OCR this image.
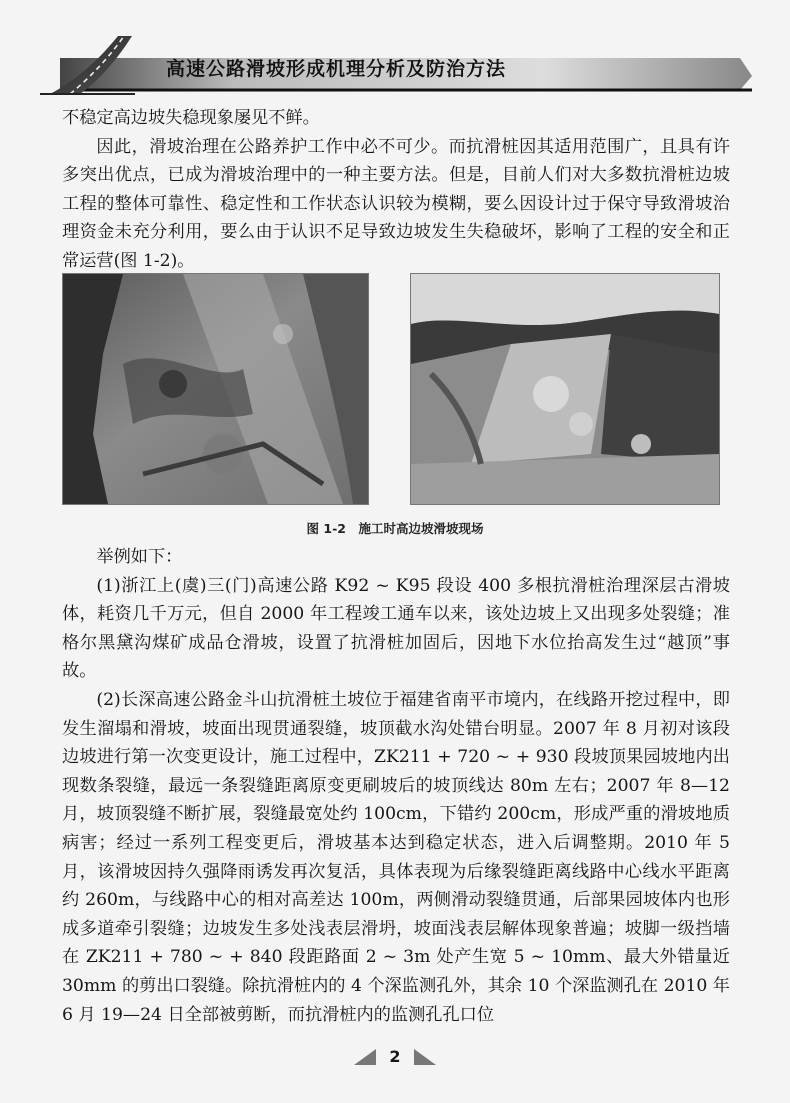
高速公路滑坡形成机理分析及防治方法

不稳定高边坡失稳现象屡见不鲜。

因此，滑坡治理在公路养护工作中必不可少。而抗滑桩因其适用范围广，且具有许多突出优点，已成为滑坡治理中的一种主要方法。但是，目前人们对大多数抗滑桩边坡工程的整体可靠性、稳定性和工作状态认识较为模糊，要么因设计过于保守导致滑坡治理资金未充分利用，要么由于认识不足导致边坡发生失稳破坏，影响了工程的安全和正常运营(图 1-2)。

图 1-2　施工时高边坡滑坡现场

举例如下：

(1)浙江上(虞)三(门)高速公路 K92 ~ K95 段设 400 多根抗滑桩治理深层古滑坡体，耗资几千万元，但自 2000 年工程竣工通车以来，该处边坡上又出现多处裂缝；准格尔黑黛沟煤矿成品仓滑坡，设置了抗滑桩加固后，因地下水位抬高发生过“越顶”事故。

(2)长深高速公路金斗山抗滑桩土坡位于福建省南平市境内，在线路开挖过程中，即发生溜塌和滑坡，坡面出现贯通裂缝，坡顶截水沟处错台明显。2007 年 8 月初对该段边坡进行第一次变更设计，施工过程中，ZK211 + 720 ~ + 930 段坡顶果园坡地内出现数条裂缝，最远一条裂缝距离原变更刷坡后的坡顶线达 80m 左右；2007 年 8—12 月，坡顶裂缝不断扩展，裂缝最宽处约 100cm，下错约 200cm，形成严重的滑坡地质病害；经过一系列工程变更后，滑坡基本达到稳定状态，进入后调整期。2010 年 5 月，该滑坡因持久强降雨诱发再次复活，具体表现为后缘裂缝距离线路中心线水平距离约 260m，与线路中心的相对高差达 100m，两侧滑动裂缝贯通，后部果园坡体内也形成多道牵引裂缝；边坡发生多处浅表层滑坍，坡面浅表层解体现象普遍；坡脚一级挡墙在 ZK211 + 780 ~ + 840 段距路面 2 ~ 3m 处产生宽 5 ~ 10mm、最大外错量近 30mm 的剪出口裂缝。除抗滑桩内的 4 个深监测孔外，其余 10 个深监测孔在 2010 年 6 月 19—24 日全部被剪断，而抗滑桩内的监测孔孔口位

2
